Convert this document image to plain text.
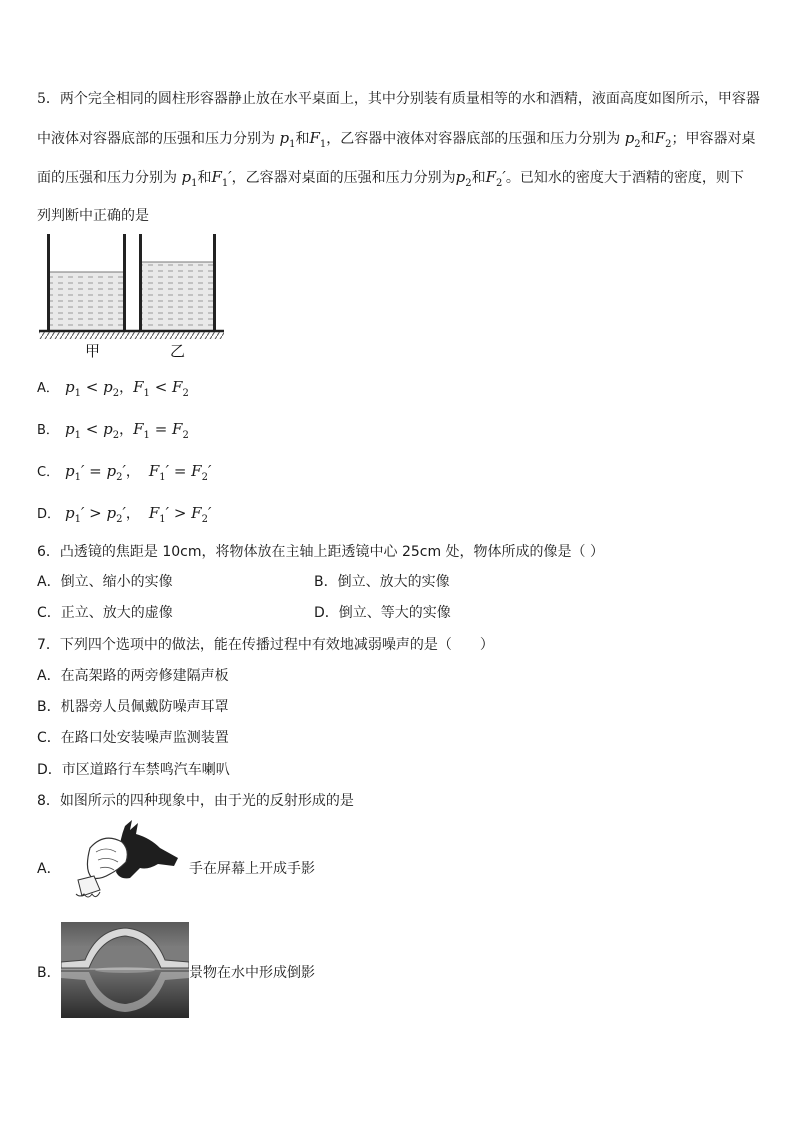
5．两个完全相同的圆柱形容器静止放在水平桌面上，其中分别装有质量相等的水和酒精，液面高度如图所示，甲容器
中液体对容器底部的压强和压力分别为 $p_1$和$F_1$，乙容器中液体对容器底部的压强和压力分别为 $p_2$和$F_2$；甲容器对桌
面的压强和压力分别为 $p_1$和$F_1'$，乙容器对桌面的压强和压力分别为$p_2$和$F_2'$。已知水的密度大于酒精的密度，则下
列判断中正确的是
甲	乙
A． $p_1 < p_2$，$F_1 < F_2$
B． $p_1 < p_2$，$F_1 = F_2$
C． $p_1' = p_2'$， $F_1' = F_2'$
D． $p_1' > p_2'$， $F_1' > F_2'$
6．凸透镜的焦距是 10cm，将物体放在主轴上距透镜中心 25cm 处，物体所成的像是（ ）
A．倒立、缩小的实像	B．倒立、放大的实像
C．正立、放大的虚像	D．倒立、等大的实像
7．下列四个选项中的做法，能在传播过程中有效地减弱噪声的是（　　）
A．在高架路的两旁修建隔声板
B．机器旁人员佩戴防噪声耳罩
C．在路口处安装噪声监测装置
D．市区道路行车禁鸣汽车喇叭
8．如图所示的四种现象中，由于光的反射形成的是
A．	手在屏幕上开成手影
B．	景物在水中形成倒影
